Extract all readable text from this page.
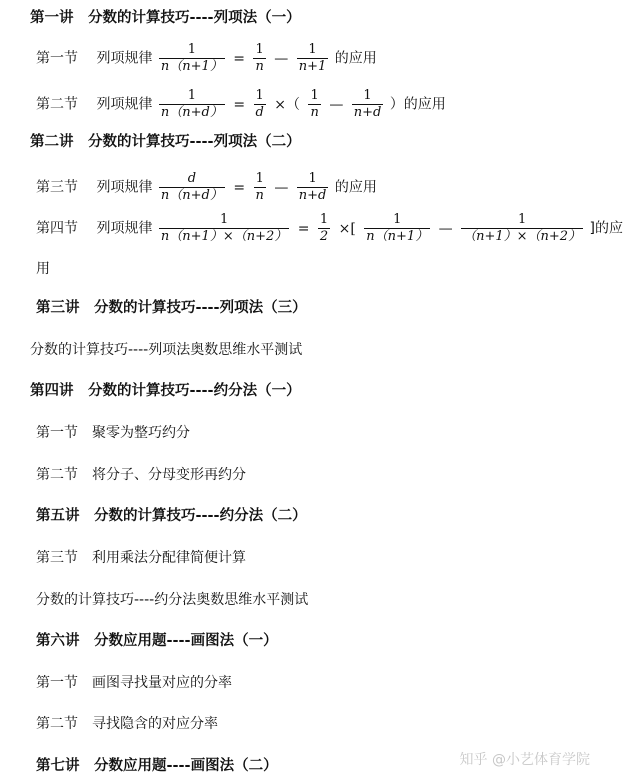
第一讲　分数的计算技巧----列项法（一）
第一节 列项规律 $\frac{1}{n(n+1)} = \frac{1}{n}$ — $\frac{1}{n+1}$ 的应用
第二节 列项规律 $\frac{1}{n(n+d)} = \frac{1}{d}$ ×（ $\frac{1}{n}$ — $\frac{1}{n+d}$ ）的应用
第二讲　分数的计算技巧----列项法（二）
第三节 列项规律 $\frac{d}{n(n+d)} = \frac{1}{n}$ — $\frac{1}{n+d}$ 的应用
第四节 列项规律 $\frac{1}{n(n+1)\times(n+2)} = \frac{1}{2}$ ×[ $\frac{1}{n(n+1)}$ — $\frac{1}{(n+1)\times(n+2)}$ ]的应
用
第三讲　分数的计算技巧----列项法（三）
分数的计算技巧----列项法奥数思维水平测试
第四讲　分数的计算技巧----约分法（一）
第一节　聚零为整巧约分
第二节　将分子、分母变形再约分
第五讲　分数的计算技巧----约分法（二）
第三节　利用乘法分配律简便计算
分数的计算技巧----约分法奥数思维水平测试
第六讲　分数应用题----画图法（一）
第一节　画图寻找量对应的分率
第二节　寻找隐含的对应分率
第七讲　分数应用题----画图法（二）	知乎 @小艺体育学院
